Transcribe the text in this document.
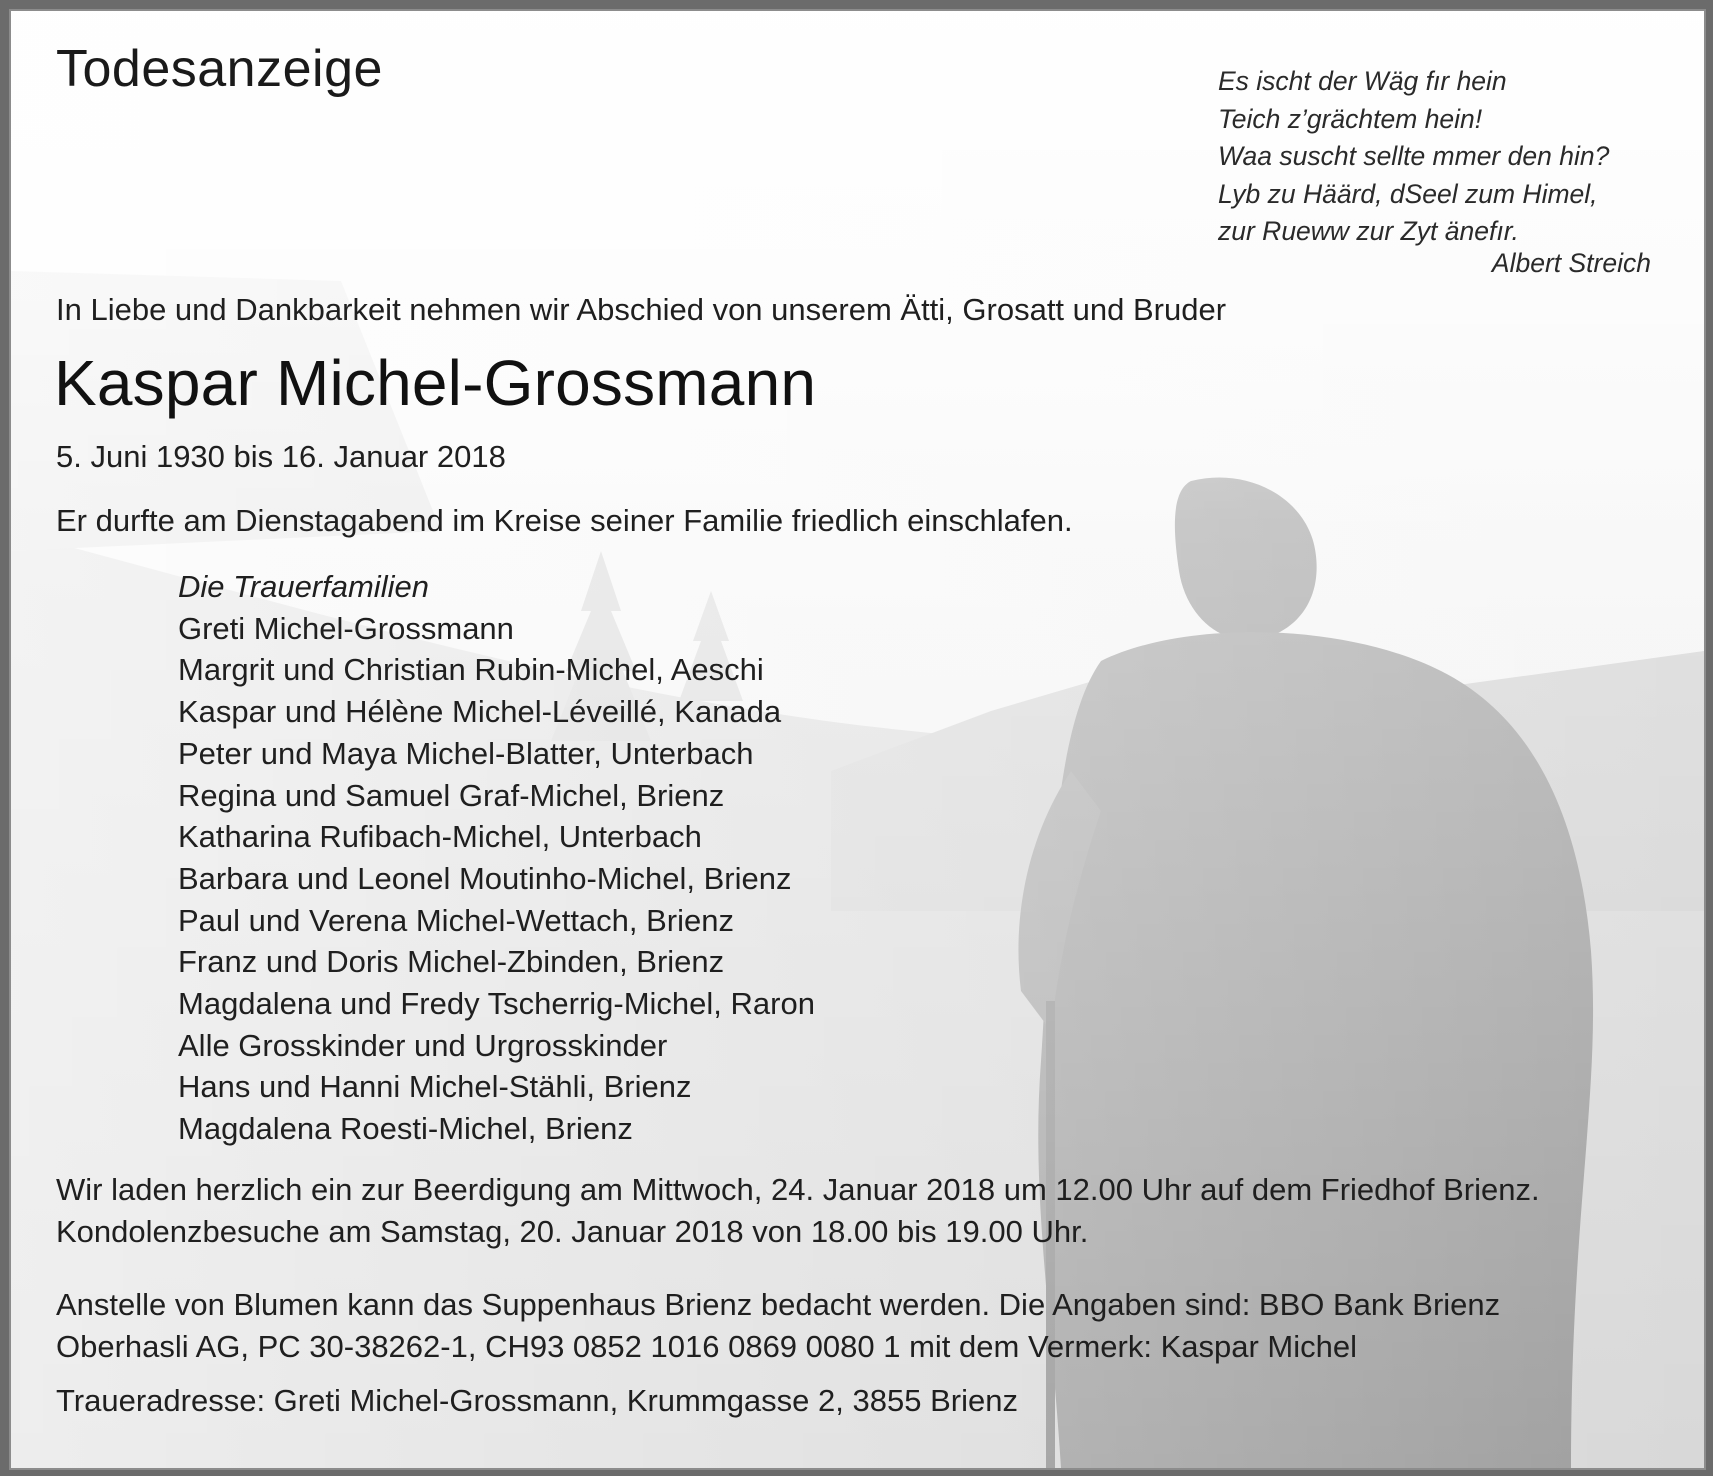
Todesanzeige	Es ischt der Wäg fır hein
Teich z’grächtem hein!
Waa suscht sellte mmer den hin?
Lyb zu Häärd, dSeel zum Himel,
zur Rueww zur Zyt änefır.
Albert Streich
In Liebe und Dankbarkeit nehmen wir Abschied von unserem Ätti, Grosatt und Bruder
Kaspar Michel-Grossmann
5. Juni 1930 bis 16. Januar 2018
Er durfte am Dienstagabend im Kreise seiner Familie friedlich einschlafen.
Die Trauerfamilien
Greti Michel-Grossmann
Margrit und Christian Rubin-Michel, Aeschi
Kaspar und Hélène Michel-Léveillé, Kanada
Peter und Maya Michel-Blatter, Unterbach
Regina und Samuel Graf-Michel, Brienz
Katharina Rufibach-Michel, Unterbach
Barbara und Leonel Moutinho-Michel, Brienz
Paul und Verena Michel-Wettach, Brienz
Franz und Doris Michel-Zbinden, Brienz
Magdalena und Fredy Tscherrig-Michel, Raron
Alle Grosskinder und Urgrosskinder
Hans und Hanni Michel-Stähli, Brienz
Magdalena Roesti-Michel, Brienz
Wir laden herzlich ein zur Beerdigung am Mittwoch, 24. Januar 2018 um 12.00 Uhr auf dem Friedhof Brienz.
Kondolenzbesuche am Samstag, 20. Januar 2018 von 18.00 bis 19.00 Uhr.
Anstelle von Blumen kann das Suppenhaus Brienz bedacht werden. Die Angaben sind: BBO Bank Brienz
Oberhasli AG, PC 30-38262-1, CH93 0852 1016 0869 0080 1 mit dem Vermerk: Kaspar Michel
Traueradresse: Greti Michel-Grossmann, Krummgasse 2, 3855 Brienz
